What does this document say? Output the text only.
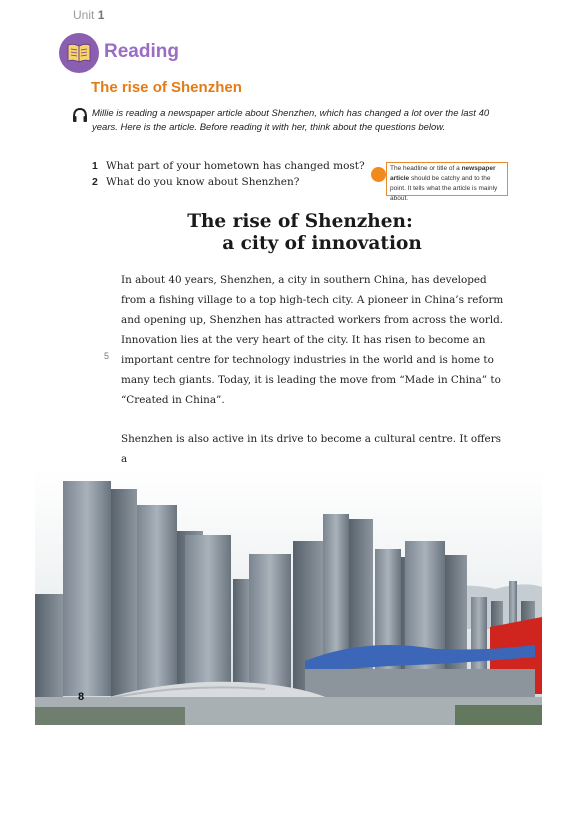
Unit 1
Reading
The rise of Shenzhen
Millie is reading a newspaper article about Shenzhen, which has changed a lot over the last 40 years. Here is the article. Before reading it with her, think about the questions below.
1 What part of your hometown has changed most?
2 What do you know about Shenzhen?
The headline or title of a newspaper article should be catchy and to the point. It tells what the article is mainly about.
The rise of Shenzhen:
a city of innovation
In about 40 years, Shenzhen, a city in southern China, has developed
from a fishing village to a top high-tech city. A pioneer in China’s reform
and opening up, Shenzhen has attracted workers from across the world.
Innovation lies at the very heart of the city. It has risen to become an
important centre for technology industries in the world and is home to
many tech giants. Today, it is leading the move from “Made in China” to
“Created in China”.
5
Shenzhen is also active in its drive to become a cultural centre. It offers a
8
